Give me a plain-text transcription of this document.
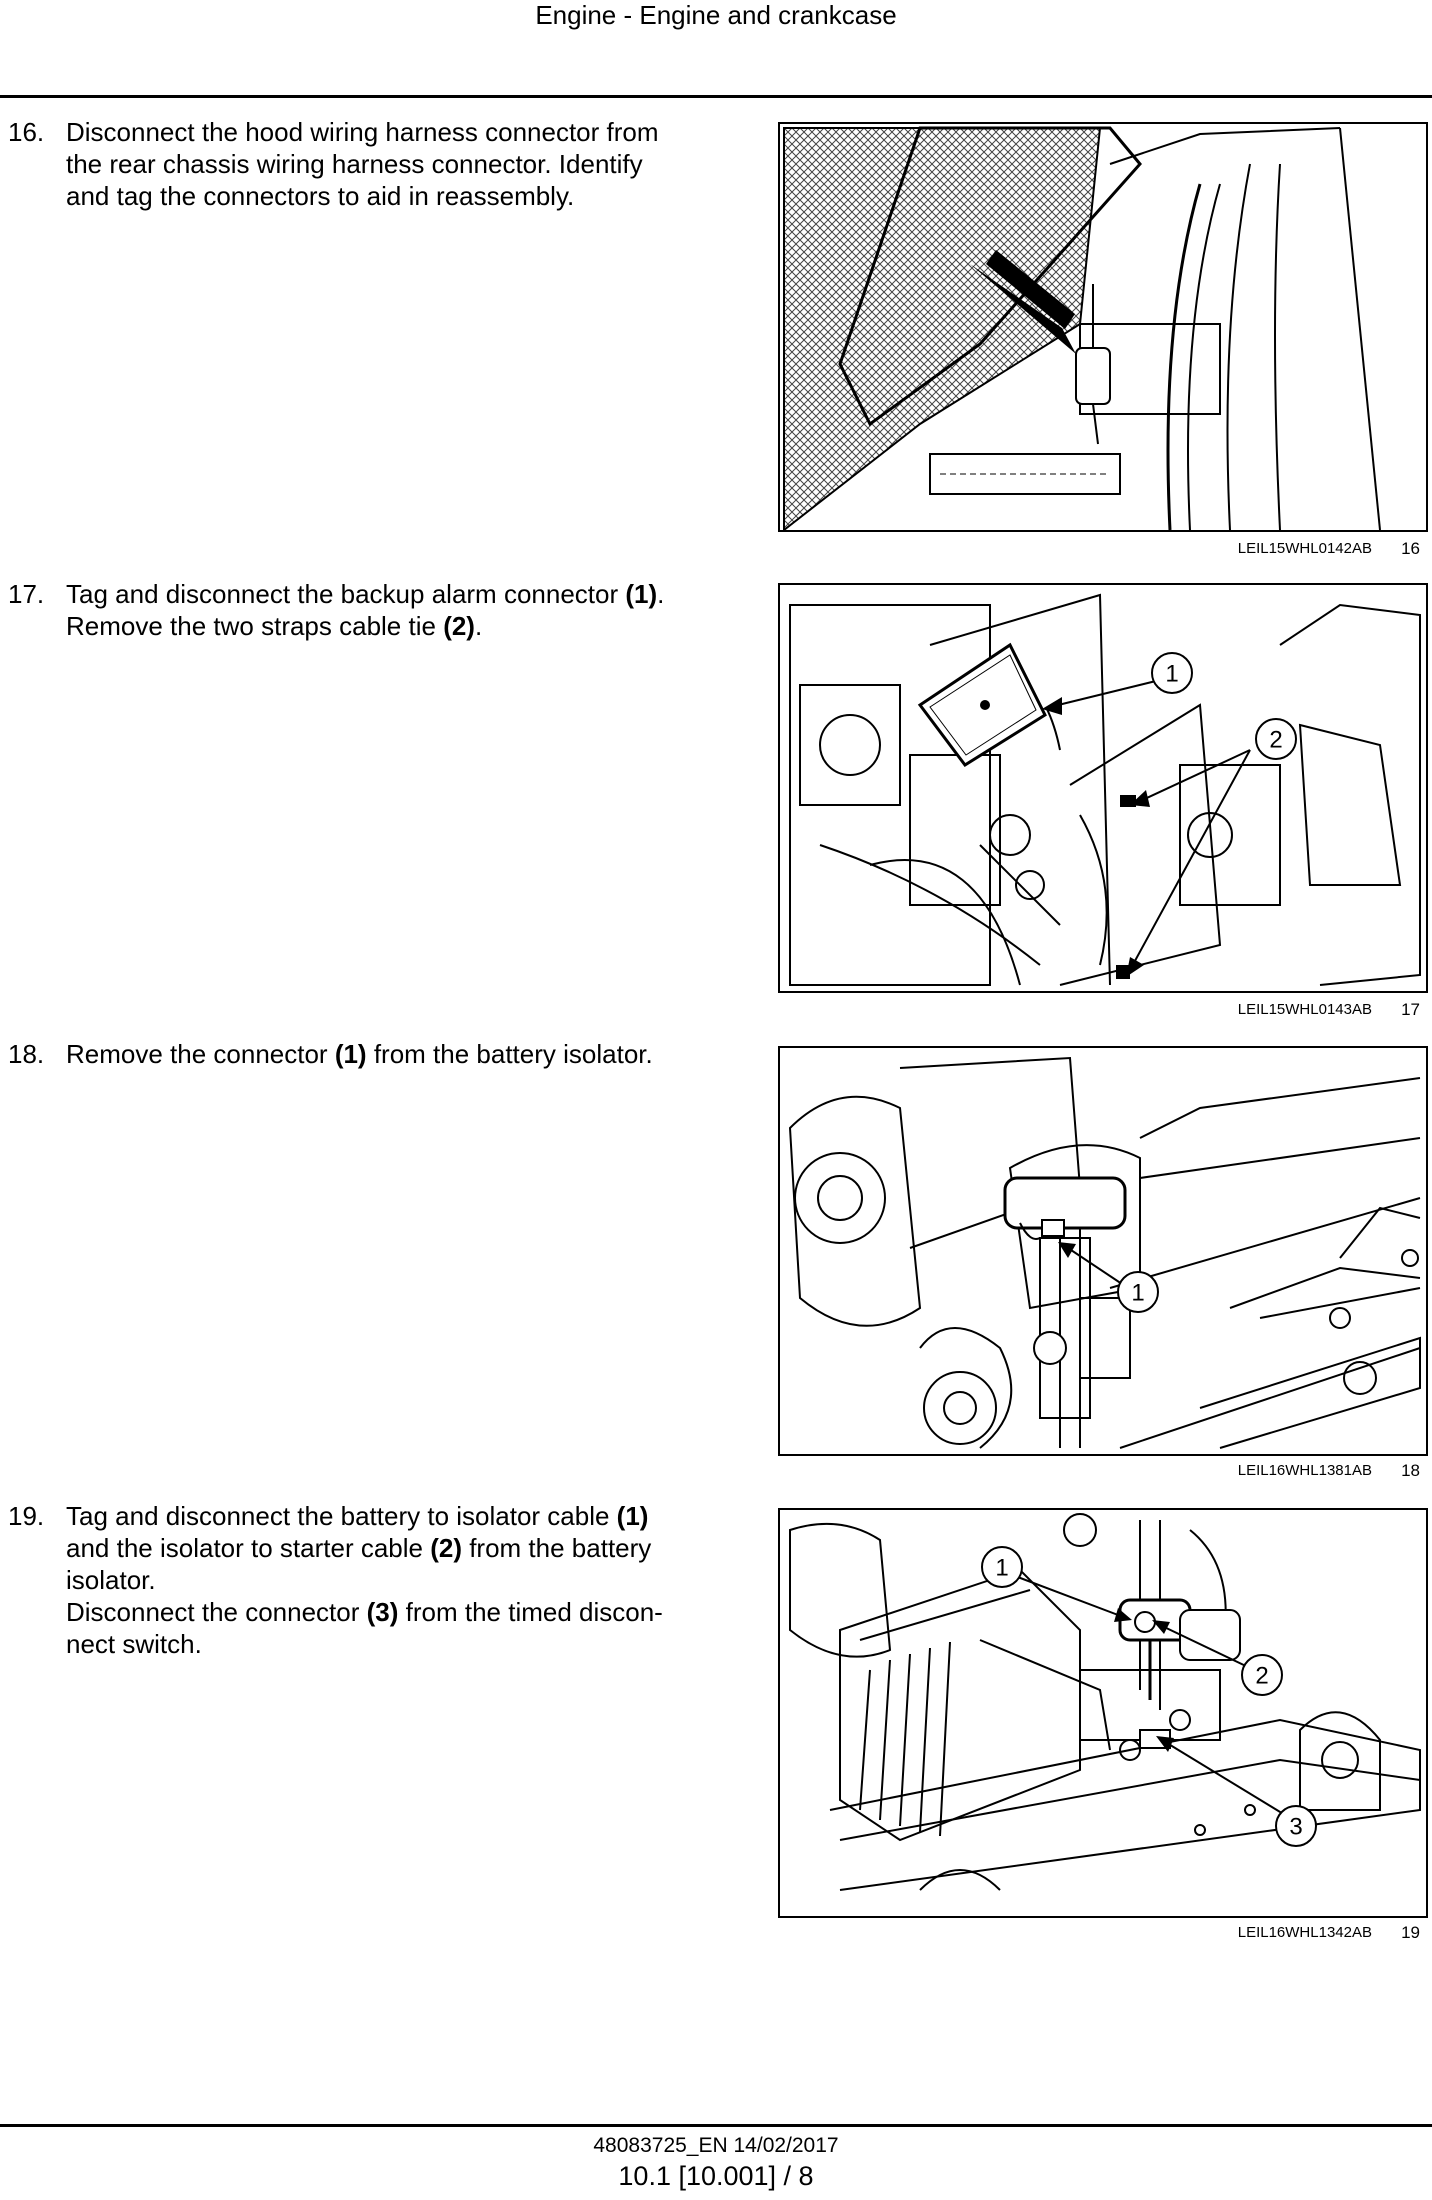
Engine - Engine and crankcase
16. Disconnect the hood wiring harness connector from
the rear chassis wiring harness connector. Identify
and tag the connectors to aid in reassembly.
LEIL15WHL0142AB 16
17. Tag and disconnect the backup alarm connector (1).
Remove the two straps cable tie (2).
1
2
LEIL15WHL0143AB 17
18. Remove the connector (1) from the battery isolator.
1
LEIL16WHL1381AB 18
19. Tag and disconnect the battery to isolator cable (1)
and the isolator to starter cable (2) from the battery
isolator.
Disconnect the connector (3) from the timed discon-
nect switch.
1
2
3
LEIL16WHL1342AB 19
48083725_EN 14/02/2017
10.1 [10.001] / 8
